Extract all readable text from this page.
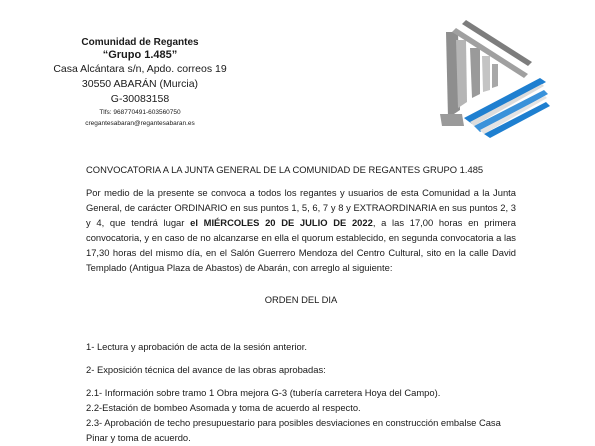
Comunidad de Regantes
“Grupo 1.485”
Casa Alcántara s/n, Apdo. correos 19
30550 ABARÁN (Murcia)
G-30083158
Tlfs: 968770491-603560750
cregantesabaran@regantesabaran.es
CONVOCATORIA A LA JUNTA GENERAL DE LA COMUNIDAD DE REGANTES GRUPO 1.485
Por medio de la presente se convoca a todos los regantes y usuarios de esta Comunidad a la Junta General, de carácter ORDINARIO en sus puntos 1, 5, 6, 7 y 8 y EXTRAORDINARIA en sus puntos 2, 3 y 4, que tendrá lugar el MIÉRCOLES 20 DE JULIO DE 2022, a las 17,00 horas en primera convocatoria, y en caso de no alcanzarse en ella el quorum establecido, en segunda convocatoria a las 17,30 horas del mismo día, en el Salón Guerrero Mendoza del Centro Cultural, sito en la calle David Templado (Antigua Plaza de Abastos) de Abarán, con arreglo al siguiente:
ORDEN DEL DIA

1- Lectura y aprobación de acta de la sesión anterior.

2- Exposición técnica del avance de las obras aprobadas:

2.1- Información sobre tramo 1 Obra mejora G-3 (tubería carretera Hoya del Campo).

2.2-Estación de bombeo Asomada y toma de acuerdo al respecto.

2.3- Aprobación de techo presupuestario para posibles desviaciones en construcción embalse Casa Pinar y toma de acuerdo.
